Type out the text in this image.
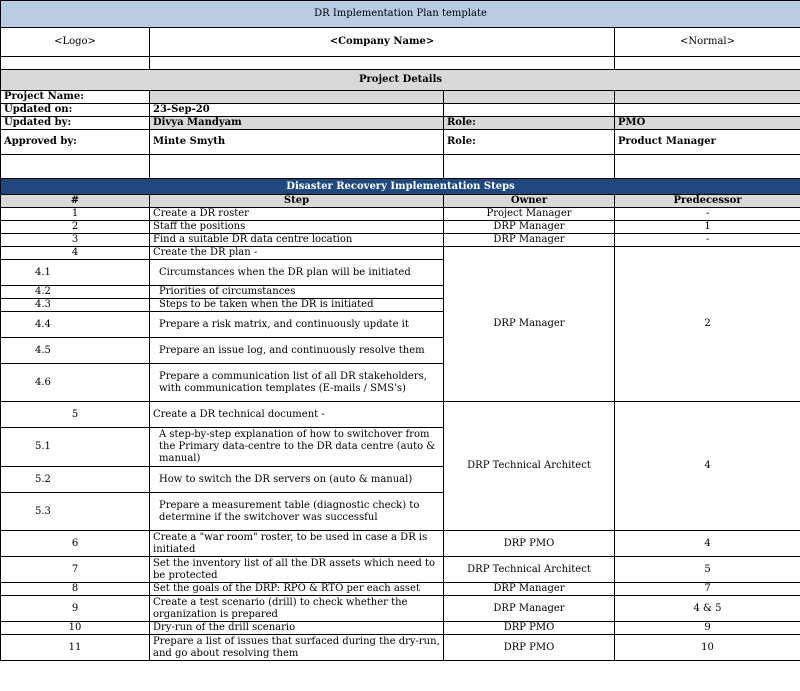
DR Implementation Plan template			
<Logo>	<Company Name>		<Normal>

Project Details			
Project Name:			
Updated on:	23-Sep-20		
Updated by:	Divya Mandyam	Role:	PMO
Approved by:	Minte Smyth	Role:	Product Manager

Disaster Recovery Implementation Steps			
#	Step	Owner	Predecessor
1	Create a DR roster	Project Manager	-
2	Staff the positions	DRP Manager	1
3	Find a suitable DR data centre location	DRP Manager	-
4	Create the DR plan -	DRP Manager	2
4.1	Circumstances when the DR plan will be initiated		
4.2	Priorities of circumstances		
4.3	Steps to be taken when the DR is initiated		
4.4	Prepare a risk matrix, and continuously update it		
4.5	Prepare an issue log, and continuously resolve them		
4.6	Prepare a communication list of all DR stakeholders, with communication templates (E-mails / SMS's)		
5	Create a DR technical document -	DRP Technical Architect	4
5.1	A step-by-step explanation of how to switchover from the Primary data-centre to the DR data centre (auto & manual)		
5.2	How to switch the DR servers on (auto & manual)		
5.3	Prepare a measurement table (diagnostic check) to determine if the switchover was successful		
6	Create a "war room" roster, to be used in case a DR is initiated	DRP PMO	4
7	Set the inventory list of all the DR assets which need to be protected	DRP Technical Architect	5
8	Set the goals of the DRP: RPO & RTO per each asset	DRP Manager	7
9	Create a test scenario (drill) to check whether the organization is prepared	DRP Manager	4 & 5
10	Dry-run of the drill scenario	DRP PMO	9
11	Prepare a list of issues that surfaced during the dry-run, and go about resolving them	DRP PMO	10
